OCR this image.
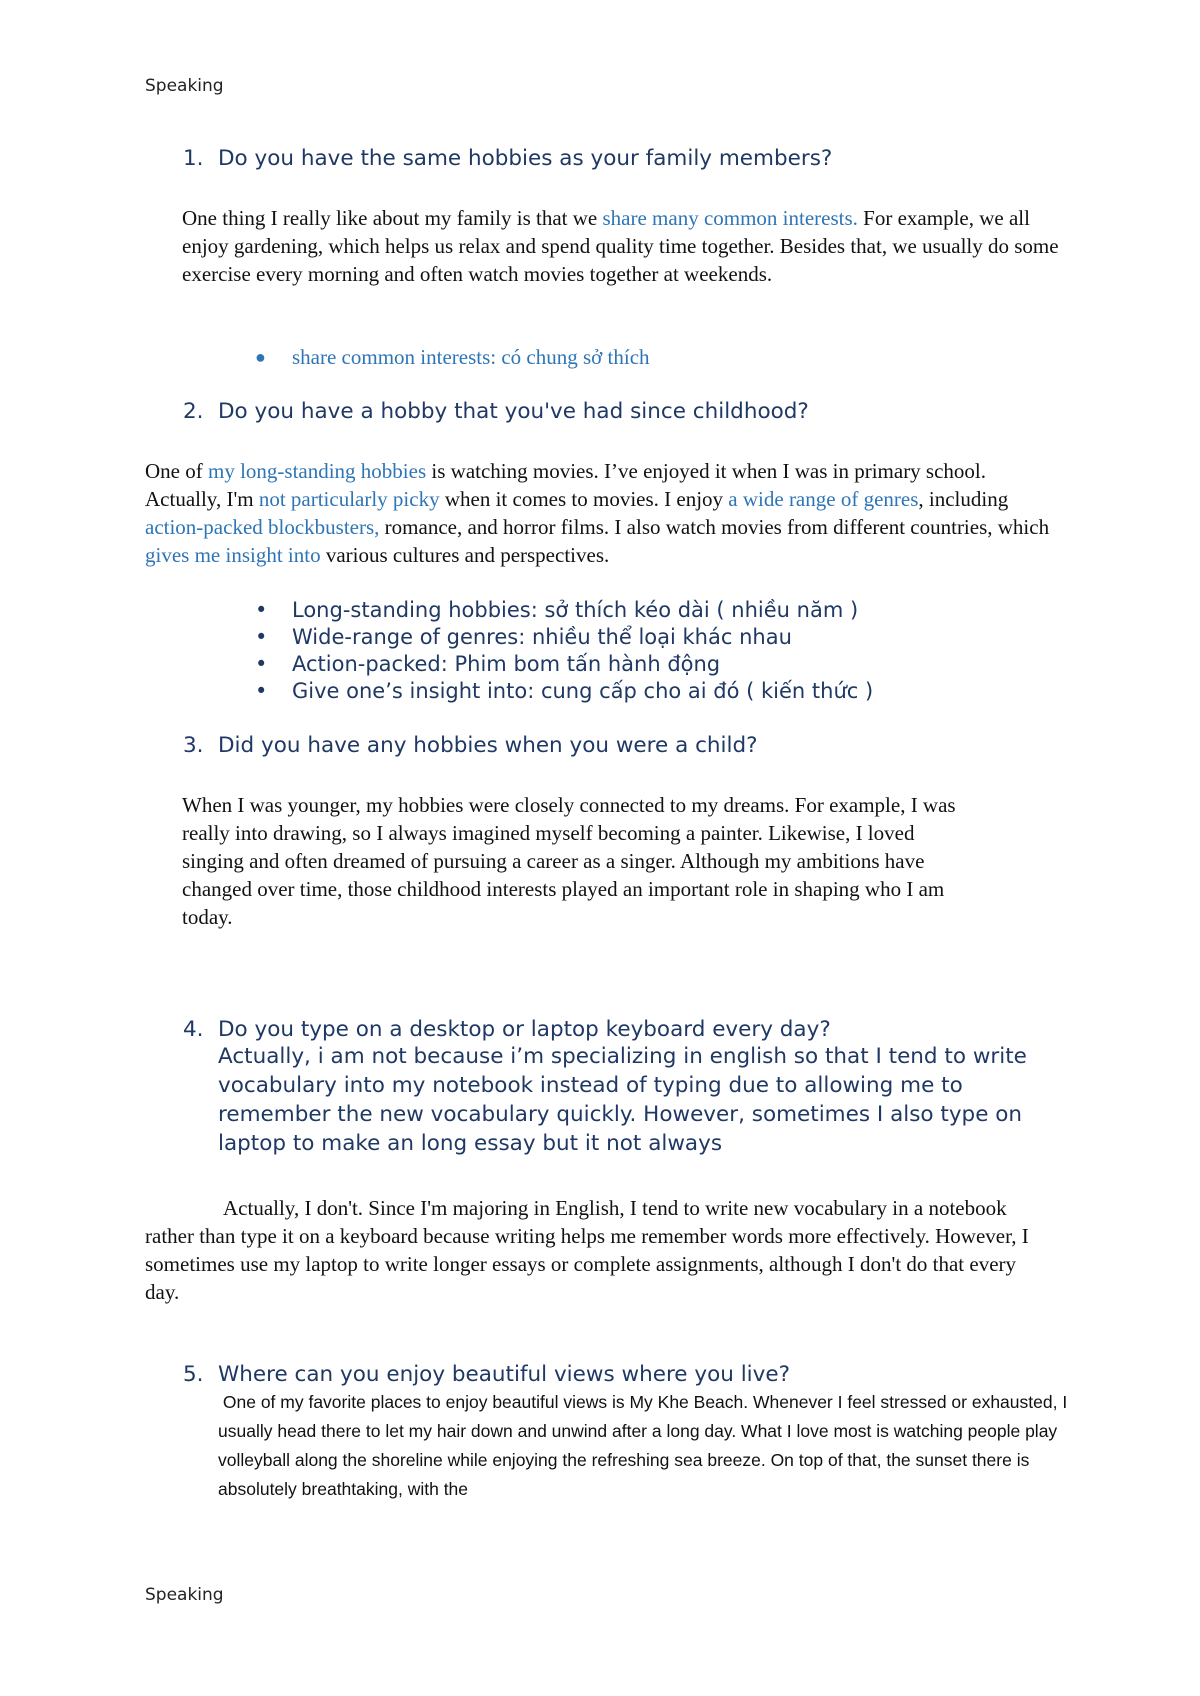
Speaking
1. Do you have the same hobbies as your family members?
One thing I really like about my family is that we share many common interests. For example, we all enjoy gardening, which helps us relax and spend quality time together. Besides that, we usually do some exercise every morning and often watch movies together at weekends.
● share common interests: có chung sở thích
2. Do you have a hobby that you've had since childhood?
One of my long-standing hobbies is watching movies. I’ve enjoyed it when I was in primary school. Actually, I'm not particularly picky when it comes to movies. I enjoy a wide range of genres, including action-packed blockbusters, romance, and horror films. I also watch movies from different countries, which gives me insight into various cultures and perspectives.
• Long-standing hobbies: sở thích kéo dài ( nhiều năm )
• Wide-range of genres: nhiều thể loại khác nhau
• Action-packed: Phim bom tấn hành động
• Give one’s insight into: cung cấp cho ai đó ( kiến thức )
3. Did you have any hobbies when you were a child?
When I was younger, my hobbies were closely connected to my dreams. For example, I was really into drawing, so I always imagined myself becoming a painter. Likewise, I loved singing and often dreamed of pursuing a career as a singer. Although my ambitions have changed over time, those childhood interests played an important role in shaping who I am today.
4. Do you type on a desktop or laptop keyboard every day?
Actually, i am not because i’m specializing in english so that I tend to write vocabulary into my notebook instead of typing due to allowing me to remember the new vocabulary quickly. However, sometimes I also type on laptop to make an long essay but it not always
Actually, I don't. Since I'm majoring in English, I tend to write new vocabulary in a notebook rather than type it on a keyboard because writing helps me remember words more effectively. However, I sometimes use my laptop to write longer essays or complete assignments, although I don't do that every day.
5. Where can you enjoy beautiful views where you live?
One of my favorite places to enjoy beautiful views is My Khe Beach. Whenever I feel stressed or exhausted, I usually head there to let my hair down and unwind after a long day. What I love most is watching people play volleyball along the shoreline while enjoying the refreshing sea breeze. On top of that, the sunset there is absolutely breathtaking, with the
Speaking
